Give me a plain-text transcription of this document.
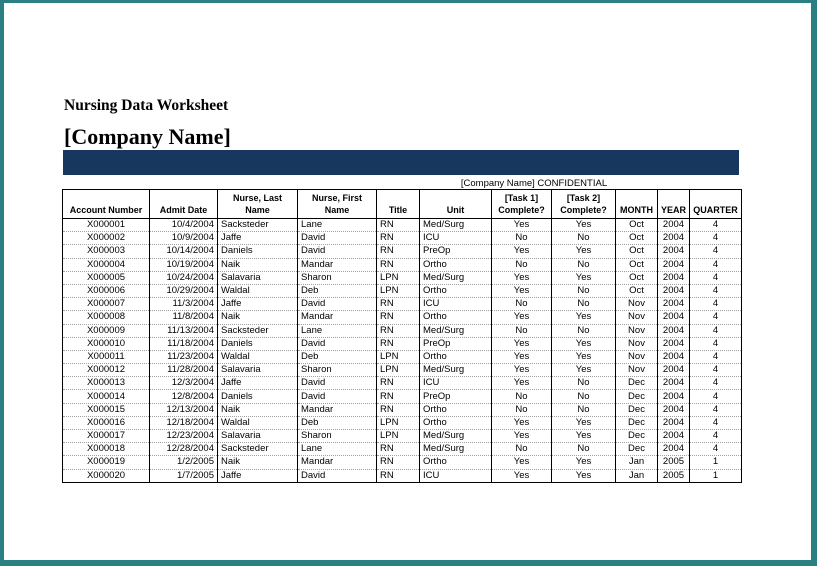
Nursing Data Worksheet
[Company Name]
[Company Name] CONFIDENTIAL
Account Number	Admit Date	Nurse, Last Name	Nurse, First Name	Title	Unit	[Task 1] Complete?	[Task 2] Complete?	MONTH	YEAR	QUARTER
X000001	10/4/2004	Sacksteder	Lane	RN	Med/Surg	Yes	Yes	Oct	2004	4
X000002	10/9/2004	Jaffe	David	RN	ICU	No	No	Oct	2004	4
X000003	10/14/2004	Daniels	David	RN	PreOp	Yes	Yes	Oct	2004	4
X000004	10/19/2004	Naik	Mandar	RN	Ortho	No	No	Oct	2004	4
X000005	10/24/2004	Salavaria	Sharon	LPN	Med/Surg	Yes	Yes	Oct	2004	4
X000006	10/29/2004	Waldal	Deb	LPN	Ortho	Yes	No	Oct	2004	4
X000007	11/3/2004	Jaffe	David	RN	ICU	No	No	Nov	2004	4
X000008	11/8/2004	Naik	Mandar	RN	Ortho	Yes	Yes	Nov	2004	4
X000009	11/13/2004	Sacksteder	Lane	RN	Med/Surg	No	No	Nov	2004	4
X000010	11/18/2004	Daniels	David	RN	PreOp	Yes	Yes	Nov	2004	4
X000011	11/23/2004	Waldal	Deb	LPN	Ortho	Yes	Yes	Nov	2004	4
X000012	11/28/2004	Salavaria	Sharon	LPN	Med/Surg	Yes	Yes	Nov	2004	4
X000013	12/3/2004	Jaffe	David	RN	ICU	Yes	No	Dec	2004	4
X000014	12/8/2004	Daniels	David	RN	PreOp	No	No	Dec	2004	4
X000015	12/13/2004	Naik	Mandar	RN	Ortho	No	No	Dec	2004	4
X000016	12/18/2004	Waldal	Deb	LPN	Ortho	Yes	Yes	Dec	2004	4
X000017	12/23/2004	Salavaria	Sharon	LPN	Med/Surg	Yes	Yes	Dec	2004	4
X000018	12/28/2004	Sacksteder	Lane	RN	Med/Surg	No	No	Dec	2004	4
X000019	1/2/2005	Naik	Mandar	RN	Ortho	Yes	Yes	Jan	2005	1
X000020	1/7/2005	Jaffe	David	RN	ICU	Yes	Yes	Jan	2005	1
